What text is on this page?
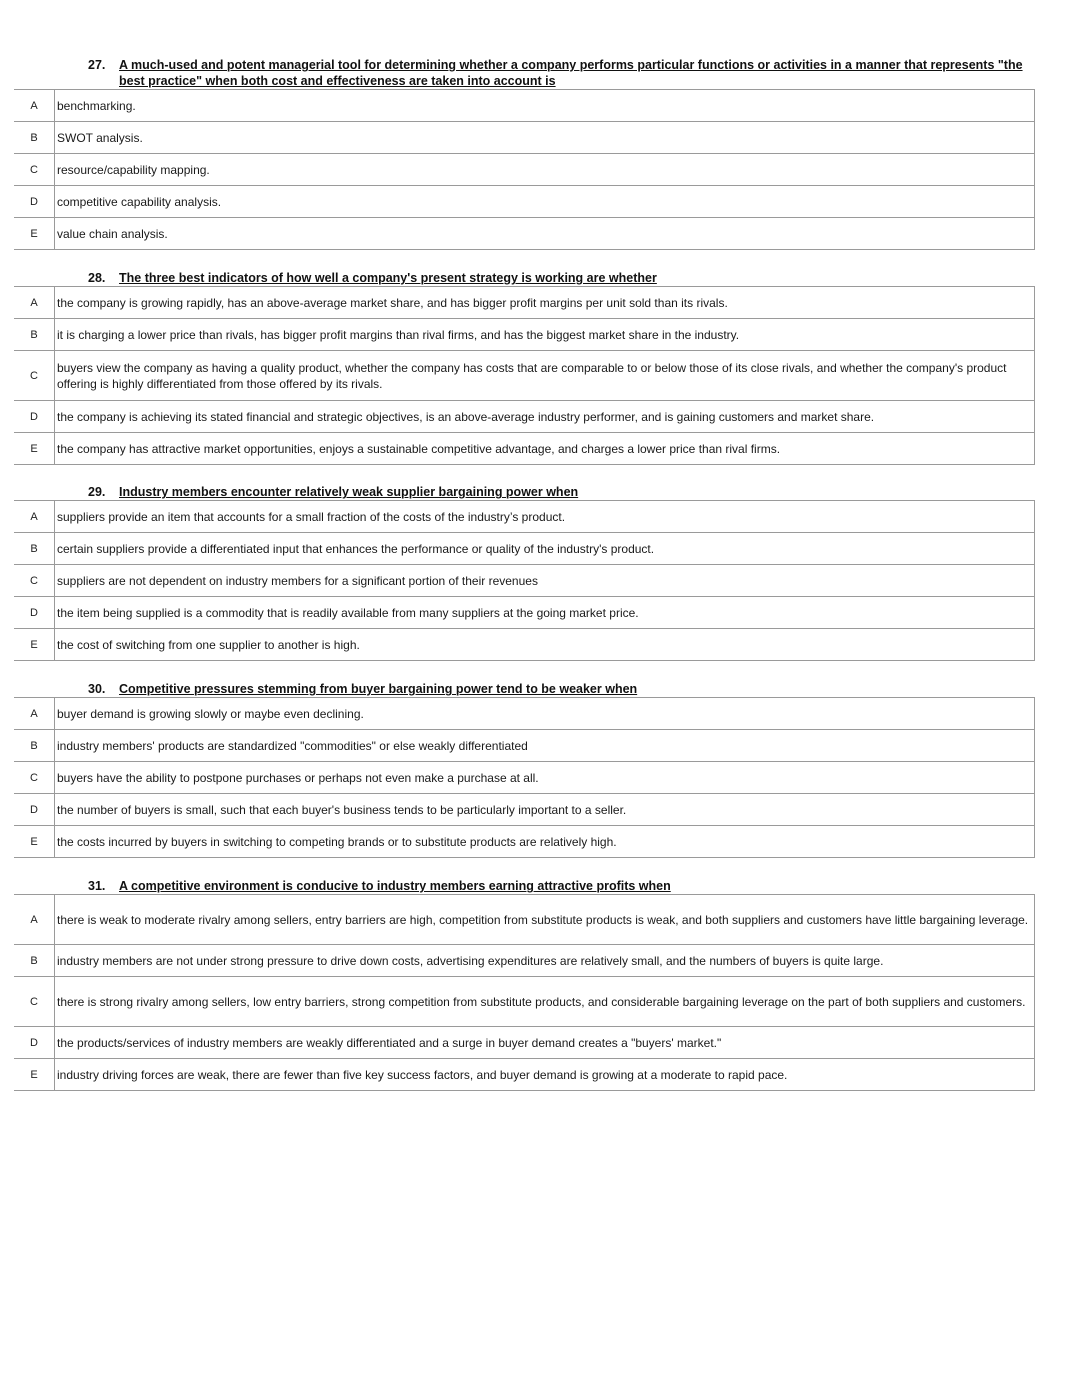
27.	A much-used and potent managerial tool for determining whether a company performs particular functions or activities in a manner that represents "the best practice" when both cost and effectiveness are taken into account is
A	benchmarking.
B	SWOT analysis.
C	resource/capability mapping.
D	competitive capability analysis.
E	value chain analysis.
28.	The three best indicators of how well a company's present strategy is working are whether
A	the company is growing rapidly, has an above-average market share, and has bigger profit margins per unit sold than its rivals.
B	it is charging a lower price than rivals, has bigger profit margins than rival firms, and has the biggest market share in the industry.
C	buyers view the company as having a quality product, whether the company has costs that are comparable to or below those of its close rivals, and whether the company's product offering is highly differentiated from those offered by its rivals.
D	the company is achieving its stated financial and strategic objectives, is an above-average industry performer, and is gaining customers and market share.
E	the company has attractive market opportunities, enjoys a sustainable competitive advantage, and charges a lower price than rival firms.
29.	Industry members encounter relatively weak supplier bargaining power when
A	suppliers provide an item that accounts for a small fraction of the costs of the industry’s product.
B	certain suppliers provide a differentiated input that enhances the performance or quality of the industry's product.
C	suppliers are not dependent on industry members for a significant portion of their revenues
D	the item being supplied is a commodity that is readily available from many suppliers at the going market price.
E	the cost of switching from one supplier to another is high.
30.	Competitive pressures stemming from buyer bargaining power tend to be weaker when
A	buyer demand is growing slowly or maybe even declining.
B	industry members' products are standardized "commodities" or else weakly differentiated
C	buyers have the ability to postpone purchases or perhaps not even make a purchase at all.
D	the number of buyers is small, such that each buyer's business tends to be particularly important to a seller.
E	the costs incurred by buyers in switching to competing brands or to substitute products are relatively high.
31.	A competitive environment is conducive to industry members earning attractive profits when
A	there is weak to moderate rivalry among sellers, entry barriers are high, competition from substitute products is weak, and both suppliers and customers have little bargaining leverage.
B	industry members are not under strong pressure to drive down costs, advertising expenditures are relatively small, and the numbers of buyers is quite large.
C	there is strong rivalry among sellers, low entry barriers, strong competition from substitute products, and considerable bargaining leverage on the part of both suppliers and customers.
D	the products/services of industry members are weakly differentiated and a surge in buyer demand creates a "buyers' market."
E	industry driving forces are weak, there are fewer than five key success factors, and buyer demand is growing at a moderate to rapid pace.
